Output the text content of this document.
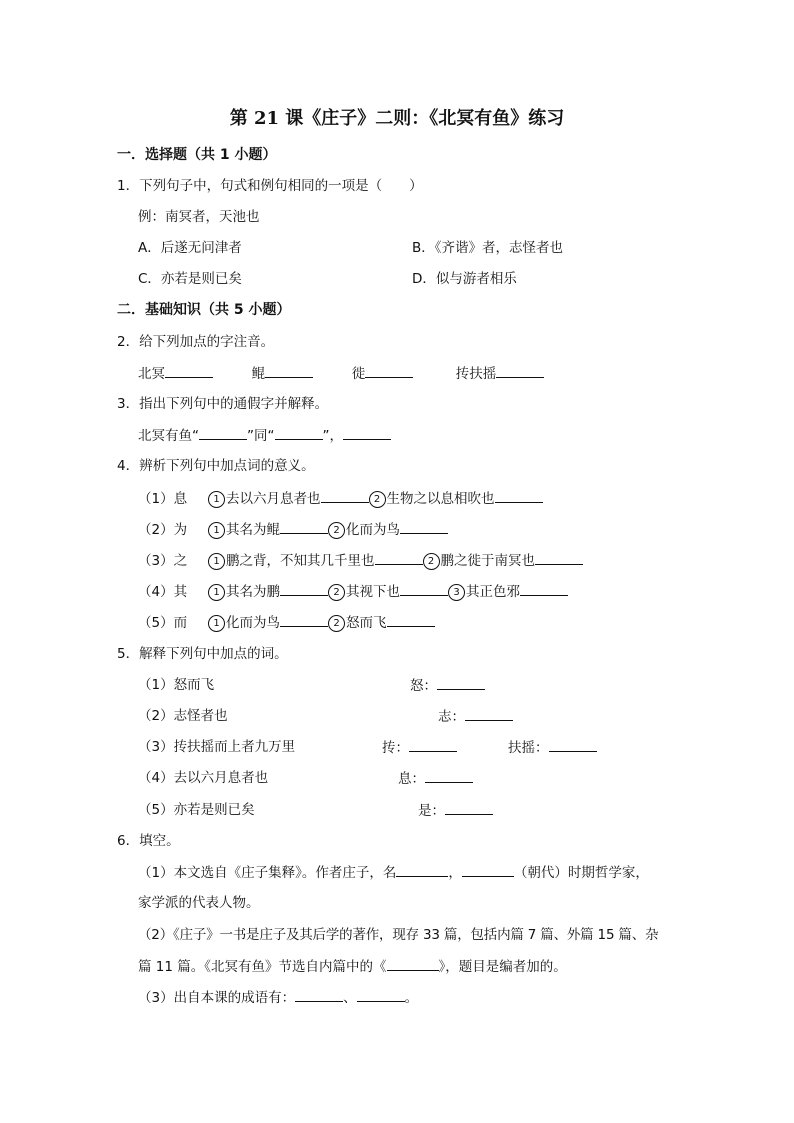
第 21 课《庄子》二则：《北冥有鱼》练习
一．选择题（共 1 小题）
1．下列句子中，句式和例句相同的一项是（　　）
例：南冥者，天池也
A．后遂无问津者	B．《齐谐》者，志怪者也
C．亦若是则已矣	D．似与游者相乐
二．基础知识（共 5 小题）
2．给下列加点的字注音。
北冥	鲲	徙	抟扶摇
3．指出下列句中的通假字并解释。
北冥有鱼“	”同“	”，
4．辨析下列句中加点词的意义。
（1）息	1 去以六月息者也	2 生物之以息相吹也
（2）为	1 其名为鲲	2 化而为鸟
（3）之	1 鹏之背，不知其几千里也	2 鹏之徙于南冥也
（4）其	1 其名为鹏	2 其视下也	3 其正色邪
（5）而	1 化而为鸟	2 怒而飞
5．解释下列句中加点的词。
（1）怒而飞	怒：
（2）志怪者也	志：
（3）抟扶摇而上者九万里	抟：	扶摇：
（4）去以六月息者也	息：
（5）亦若是则已矣	是：
6．填空。
（1）本文选自《庄子集释》。作者庄子，名	，	（朝代）时期哲学家，
家学派的代表人物。
（2）《庄子》一书是庄子及其后学的著作，现存 33 篇，包括内篇 7 篇、外篇 15 篇、杂
篇 11 篇。《北冥有鱼》节选自内篇中的《	》，题目是编者加的。
（3）出自本课的成语有：	、	。
